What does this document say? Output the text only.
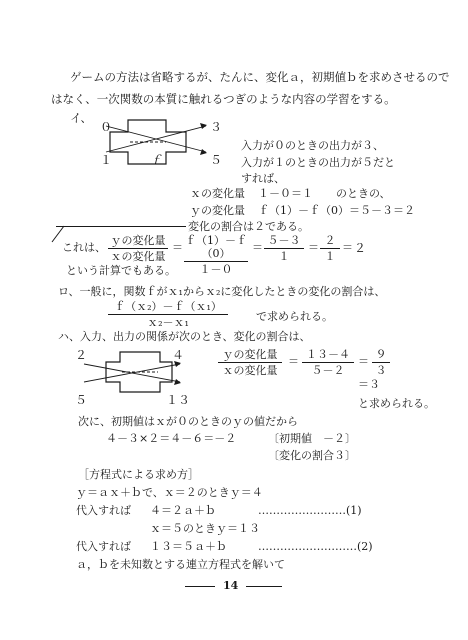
ゲームの方法は省略するが、たんに、変化ａ，初期値ｂを求めさせるので
はなく、一次関数の本質に触れるつぎのような内容の学習をする。
イ、
０	３
１	ｆ	５
入力が０のときの出力が３、
入力が１のときの出力が５だと
すれば、
ｘの変化量 １－０＝１ のときの、
ｙの変化量 ｆ（1）－ｆ（0）＝５－３＝２
変化の割合は２である。
これは、
ｙの変化量
ｘの変化量
＝
ｆ（1）－ｆ（0）
１－０
＝
５－３
１
＝
２
１
＝ ２
という計算でもある。
ロ、一般に，関数ｆがｘ₁からｘ₂に変化したときの変化の割合は、
ｆ（ｘ₂）－ｆ（ｘ₁）
ｘ₂－ｘ₁	で求められる。
ハ、入力、出力の関係が次のとき、変化の割合は、
２	４
５	１３
ｙの変化量
ｘの変化量
＝
１３－４
５－２
＝
９
３
＝３
と求められる。
次に、初期値はｘが０のときのｙの値だから
４－３×２＝４－６＝－２	〔初期値　－２〕
〔変化の割合３〕
［方程式による求め方］
ｙ＝ａｘ＋ｂで、ｘ＝２のときｙ＝４
代入すれば ４＝２ａ＋ｂ	……………………(1)
ｘ＝５のときｙ＝１３
代入すれば １３＝５ａ＋ｂ	………………………(2)
ａ，ｂを未知数とする連立方程式を解いて
14
